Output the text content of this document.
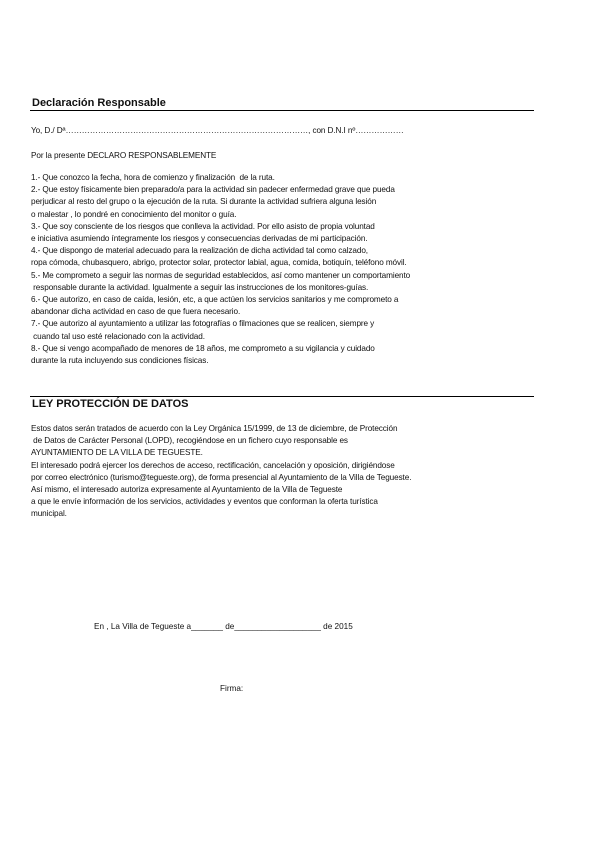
Declaración Responsable
Yo, D./ Dª………………………………………………………………………………, con D.N.I nº………………
Por la presente DECLARO RESPONSABLEMENTE
1.- Que conozco la fecha, hora de comienzo y finalización  de la ruta.
2.- Que estoy físicamente bien preparado/a para la actividad sin padecer enfermedad grave que pueda
perjudicar al resto del grupo o la ejecución de la ruta. Si durante la actividad sufriera alguna lesión
o malestar , lo pondré en conocimiento del monitor o guía.
3.- Que soy consciente de los riesgos que conlleva la actividad. Por ello asisto de propia voluntad
e iniciativa asumiendo íntegramente los riesgos y consecuencias derivadas de mi participación.
4.- Que dispongo de material adecuado para la realización de dicha actividad tal como calzado,
ropa cómoda, chubasquero, abrigo, protector solar, protector labial, agua, comida, botiquín, teléfono móvil.
5.- Me comprometo a seguir las normas de seguridad establecidos, así como mantener un comportamiento
responsable durante la actividad. Igualmente a seguir las instrucciones de los monitores-guías.
6.- Que autorizo, en caso de caída, lesión, etc, a que actúen los servicios sanitarios y me comprometo a
abandonar dicha actividad en caso de que fuera necesario.
7.- Que autorizo al ayuntamiento a utilizar las fotografías o filmaciones que se realicen, siempre y
cuando tal uso esté relacionado con la actividad.
8.- Que si vengo acompañado de menores de 18 años, me comprometo a su vigilancia y cuidado
durante la ruta incluyendo sus condiciones físicas.
LEY PROTECCIÓN DE DATOS
Estos datos serán tratados de acuerdo con la Ley Orgánica 15/1999, de 13 de diciembre, de Protección
de Datos de Carácter Personal (LOPD), recogiéndose en un fichero cuyo responsable es
AYUNTAMIENTO DE LA VILLA DE TEGUESTE.
El interesado podrá ejercer los derechos de acceso, rectificación, cancelación y oposición, dirigiéndose
por correo electrónico (turismo@tegueste.org), de forma presencial al Ayuntamiento de la Villa de Tegueste.
Así mismo, el interesado autoriza expresamente al Ayuntamiento de la Villa de Tegueste
a que le envíe información de los servicios, actividades y eventos que conforman la oferta turística
municipal.
En , La Villa de Tegueste a_______ de___________________ de 2015
Firma:
